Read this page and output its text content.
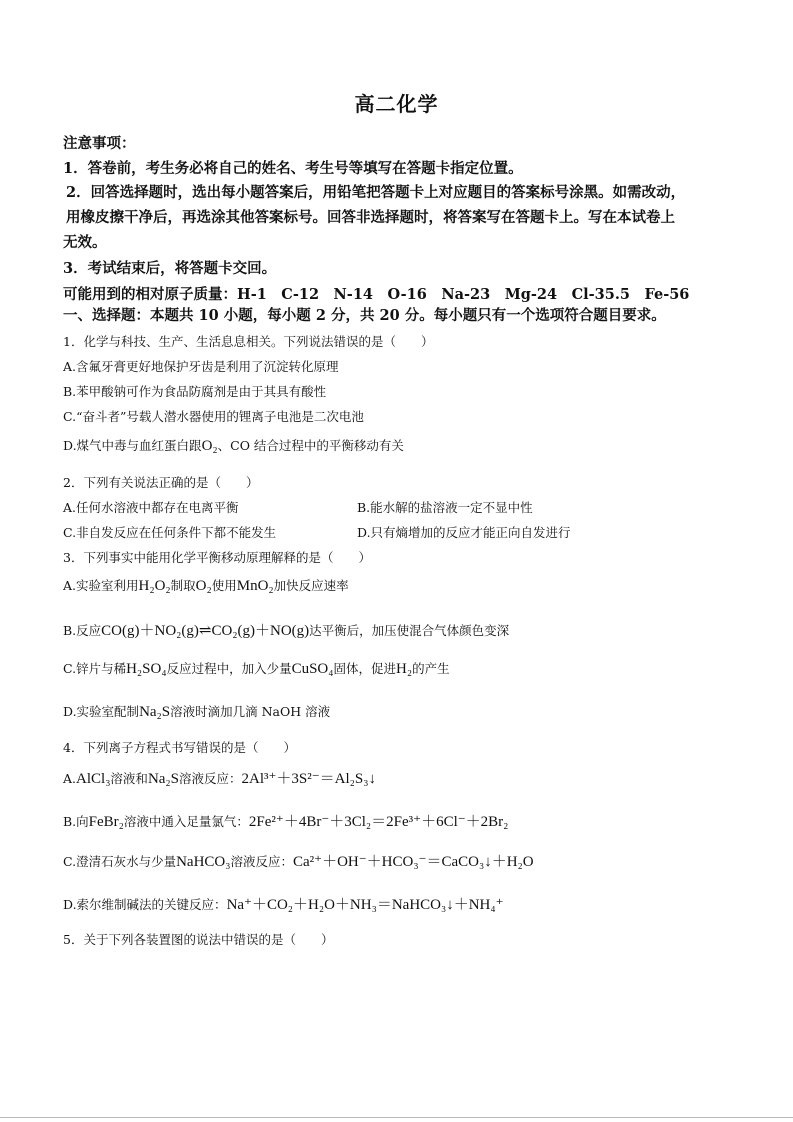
高二化学
注意事项：
1．答卷前，考生务必将自己的姓名、考生号等填写在答题卡指定位置。
2．回答选择题时，选出每小题答案后，用铅笔把答题卡上对应题目的答案标号涂黑。如需改动，
用橡皮擦干净后，再选涂其他答案标号。回答非选择题时，将答案写在答题卡上。写在本试卷上
无效。
3．考试结束后，将答题卡交回。
可能用到的相对原子质量：H-1　C-12　N-14　O-16　Na-23　Mg-24　Cl-35.5　Fe-56
一、选择题：本题共 10 小题，每小题 2 分，共 20 分。每小题只有一个选项符合题目要求。
1．化学与科技、生产、生活息息相关。下列说法错误的是（　　）
A.含氟牙膏更好地保护牙齿是利用了沉淀转化原理
B.苯甲酸钠可作为食品防腐剂是由于其具有酸性
C.“奋斗者”号载人潜水器使用的锂离子电池是二次电池
D.煤气中毒与血红蛋白跟O₂、CO 结合过程中的平衡移动有关
2．下列有关说法正确的是（　　）
A.任何水溶液中都存在电离平衡	B.能水解的盐溶液一定不显中性
C.非自发反应在任何条件下都不能发生	D.只有熵增加的反应才能正向自发进行
3．下列事实中能用化学平衡移动原理解释的是（　　）
A.实验室利用H₂O₂制取O₂使用MnO₂加快反应速率
B.反应CO(g)＋NO₂(g)⇌CO₂(g)＋NO(g)达平衡后，加压使混合气体颜色变深
C.锌片与稀H₂SO₄反应过程中，加入少量CuSO₄固体，促进H₂的产生
D.实验室配制Na₂S溶液时滴加几滴 NaOH 溶液
4．下列离子方程式书写错误的是（　　）
A.AlCl₃溶液和Na₂S溶液反应：2Al³⁺＋3S²⁻＝Al₂S₃↓
B.向FeBr₂溶液中通入足量氯气：2Fe²⁺＋4Br⁻＋3Cl₂＝2Fe³⁺＋6Cl⁻＋2Br₂
C.澄清石灰水与少量NaHCO₃溶液反应：Ca²⁺＋OH⁻＋HCO₃⁻＝CaCO₃↓＋H₂O
D.索尔维制碱法的关键反应：Na⁺＋CO₂＋H₂O＋NH₃＝NaHCO₃↓＋NH₄⁺
5．关于下列各装置图的说法中错误的是（　　）
